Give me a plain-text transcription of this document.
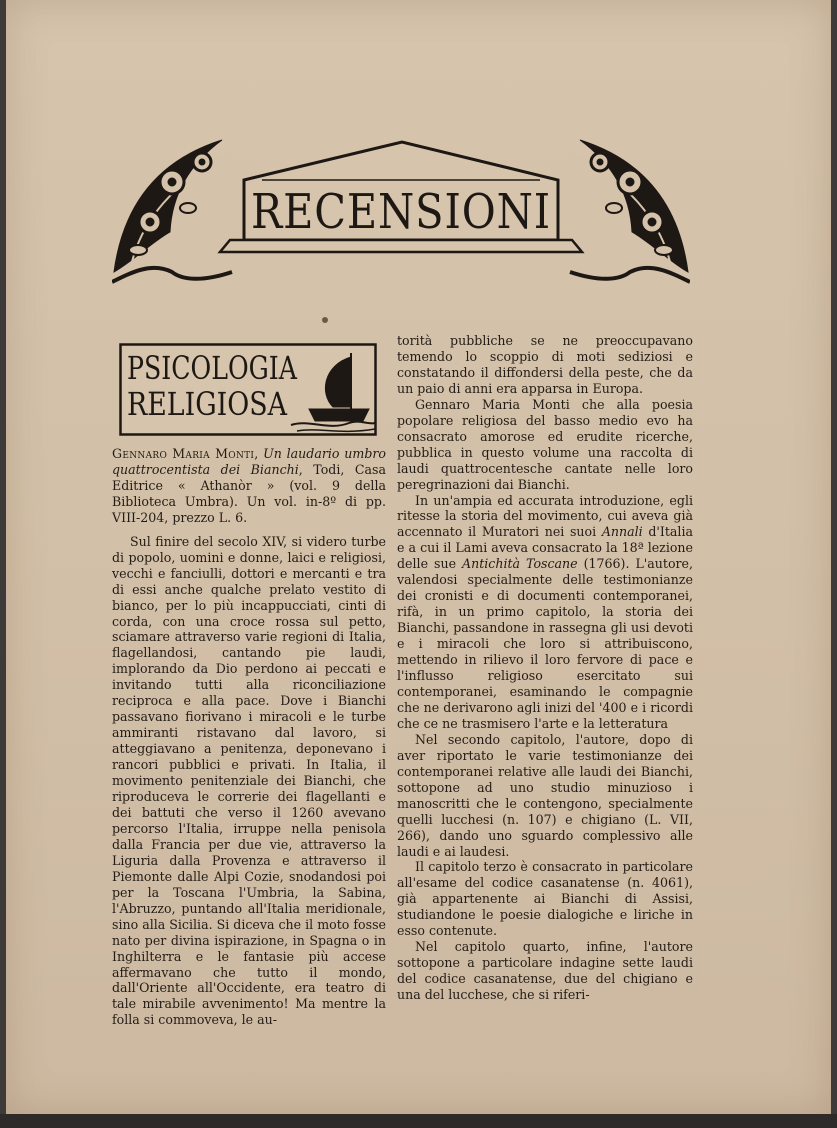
RECENSIONI
PSICOLOGIA
RELIGIOSA

Gennaro Maria Monti, Un laudario umbro quattrocentista dei Bianchi, Todi, Casa Editrice « Athanòr » (vol. 9 della Biblioteca Umbra). Un vol. in-8º di pp. VIII-204, prezzo L. 6.

Sul finire del secolo XIV, si videro turbe di popolo, uomini e donne, laici e religiosi, vecchi e fanciulli, dottori e mercanti e tra di essi anche qualche prelato vestito di bianco, per lo più incappucciati, cinti di corda, con una croce rossa sul petto, sciamare attraverso varie regioni di Italia, flagellandosi, cantando pie laudi, implorando da Dio perdono ai peccati e invitando tutti alla riconciliazione reciproca e alla pace. Dove i Bianchi passavano fiorivano i miracoli e le turbe ammiranti ristavano dal lavoro, si atteggiavano a penitenza, deponevano i rancori pubblici e privati. In Italia, il movimento penitenziale dei Bianchi, che riproduceva le correrie dei flagellanti e dei battuti che verso il 1260 avevano percorso l'Italia, irruppe nella penisola dalla Francia per due vie, attraverso la Liguria dalla Provenza e attraverso il Piemonte dalle Alpi Cozie, snodandosi poi per la Toscana l'Umbria, la Sabina, l'Abruzzo, puntando all'Italia meridionale, sino alla Sicilia. Si diceva che il moto fosse nato per divina ispirazione, in Spagna o in Inghilterra e le fantasie più accese affermavano che tutto il mondo, dall'Oriente all'Occidente, era teatro di tale mirabile avvenimento! Ma mentre la folla si commoveva, le au-

torità pubbliche se ne preoccupavano temendo lo scoppio di moti sediziosi e constatando il diffondersi della peste, che da un paio di anni era apparsa in Europa.

Gennaro Maria Monti che alla poesia popolare religiosa del basso medio evo ha consacrato amorose ed erudite ricerche, pubblica in questo volume una raccolta di laudi quattrocentesche cantate nelle loro peregrinazioni dai Bianchi.

In un'ampia ed accurata introduzione, egli ritesse la storia del movimento, cui aveva già accennato il Muratori nei suoi Annali d'Italia e a cui il Lami aveva consacrato la 18ª lezione delle sue Antichità Toscane (1766). L'autore, valendosi specialmente delle testimonianze dei cronisti e di documenti contemporanei, rifà, in un primo capitolo, la storia dei Bianchi, passandone in rassegna gli usi devoti e i miracoli che loro si attribuiscono, mettendo in rilievo il loro fervore di pace e l'influsso religioso esercitato sui contemporanei, esaminando le compagnie che ne derivarono agli inizi del '400 e i ricordi che ce ne trasmisero l'arte e la letteratura

Nel secondo capitolo, l'autore, dopo di aver riportato le varie testimonianze dei contemporanei relative alle laudi dei Bianchi, sottopone ad uno studio minuzioso i manoscritti che le contengono, specialmente quelli lucchesi (n. 107) e chigiano (L. VII, 266), dando uno sguardo complessivo alle laudi e ai laudesi.

Il capitolo terzo è consacrato in particolare all'esame del codice casanatense (n. 4061), già appartenente ai Bianchi di Assisi, studiandone le poesie dialogiche e liriche in esso contenute.

Nel capitolo quarto, infine, l'autore sottopone a particolare indagine sette laudi del codice casanatense, due del chigiano e una del lucchese, che si riferi-
